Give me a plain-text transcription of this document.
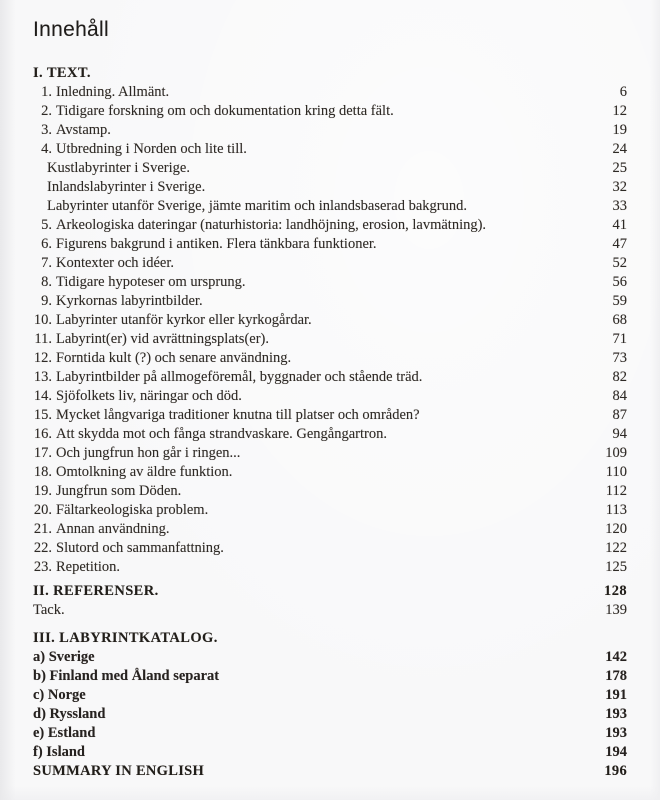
Innehåll
I. TEXT.
1. Inledning. Allmänt.	6
2. Tidigare forskning om och dokumentation kring detta fält.	12
3. Avstamp.	19
4. Utbredning i Norden och lite till.	24
Kustlabyrinter i Sverige.	25
Inlandslabyrinter i Sverige.	32
Labyrinter utanför Sverige, jämte maritim och inlandsbaserad bakgrund.	33
5. Arkeologiska dateringar (naturhistoria: landhöjning, erosion, lavmätning).	41
6. Figurens bakgrund i antiken. Flera tänkbara funktioner.	47
7. Kontexter och idéer.	52
8. Tidigare hypoteser om ursprung.	56
9. Kyrkornas labyrintbilder.	59
10. Labyrinter utanför kyrkor eller kyrkogårdar.	68
11. Labyrint(er) vid avrättningsplats(er).	71
12. Forntida kult (?) och senare användning.	73
13. Labyrintbilder på allmogeföremål, byggnader och stående träd.	82
14. Sjöfolkets liv, näringar och död.	84
15. Mycket långvariga traditioner knutna till platser och områden?	87
16. Att skydda mot och fånga strandvaskare. Gengångartron.	94
17. Och jungfrun hon går i ringen...	109
18. Omtolkning av äldre funktion.	110
19. Jungfrun som Döden.	112
20. Fältarkeologiska problem.	113
21. Annan användning.	120
22. Slutord och sammanfattning.	122
23. Repetition.	125
II. REFERENSER.	128
Tack.	139
III. LABYRINTKATALOG.
a) Sverige	142
b) Finland med Åland separat	178
c) Norge	191
d) Ryssland	193
e) Estland	193
f) Island	194
SUMMARY IN ENGLISH	196
